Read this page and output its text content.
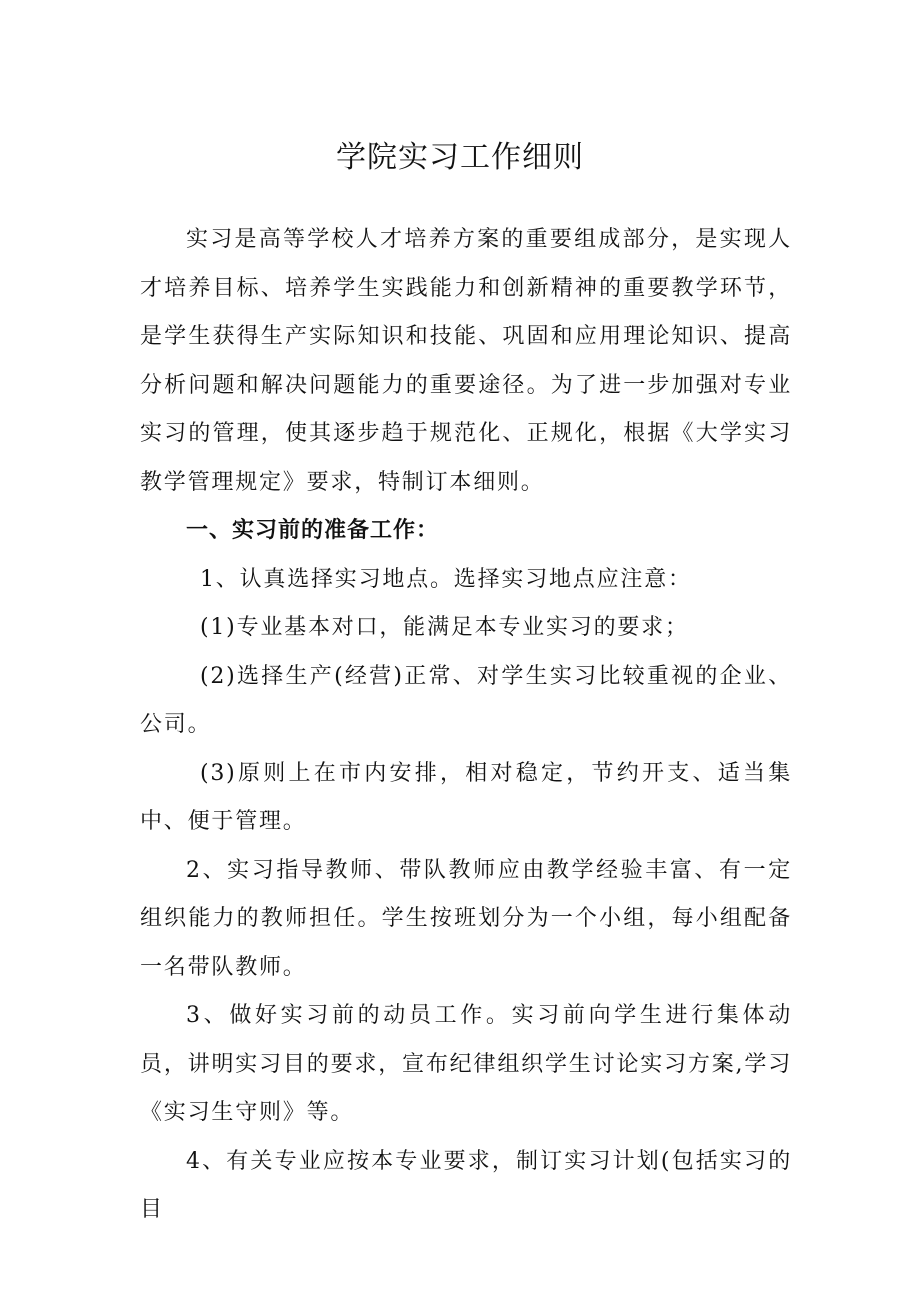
学院实习工作细则

实习是高等学校人才培养方案的重要组成部分，是实现人才培养目标、培养学生实践能力和创新精神的重要教学环节，是学生获得生产实际知识和技能、巩固和应用理论知识、提高分析问题和解决问题能力的重要途径。为了进一步加强对专业实习的管理，使其逐步趋于规范化、正规化，根据《大学实习教学管理规定》要求，特制订本细则。

一、实习前的准备工作：

1、认真选择实习地点。选择实习地点应注意：

(1)专业基本对口，能满足本专业实习的要求；

(2)选择生产(经营)正常、对学生实习比较重视的企业、公司。

(3)原则上在市内安排，相对稳定，节约开支、适当集中、便于管理。

2、实习指导教师、带队教师应由教学经验丰富、有一定组织能力的教师担任。学生按班划分为一个小组，每小组配备一名带队教师。

3、做好实习前的动员工作。实习前向学生进行集体动员，讲明实习目的要求，宣布纪律组织学生讨论实习方案,学习《实习生守则》等。

4、有关专业应按本专业要求，制订实习计划(包括实习的目
